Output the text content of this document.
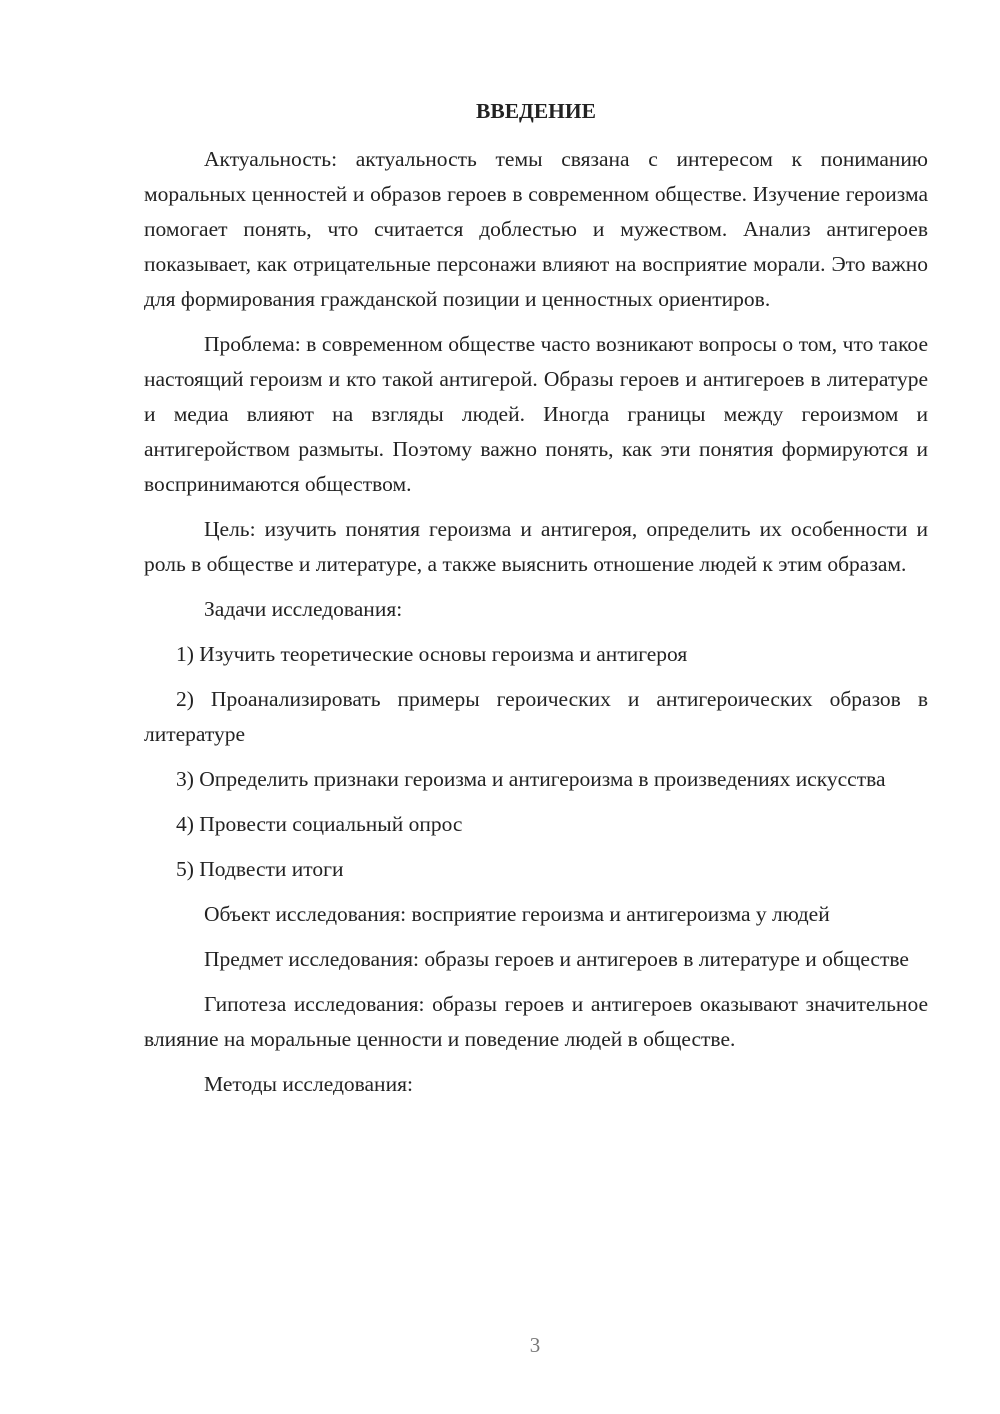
ВВЕДЕНИЕ

Актуальность: актуальность темы связана с интересом к пониманию моральных ценностей и образов героев в современном обществе. Изучение героизма помогает понять, что считается доблестью и мужеством. Анализ антигероев показывает, как отрицательные персонажи влияют на восприятие морали. Это важно для формирования гражданской позиции и ценностных ориентиров.

Проблема: в современном обществе часто возникают вопросы о том, что такое настоящий героизм и кто такой антигерой. Образы героев и антигероев в литературе и медиа влияют на взгляды людей. Иногда границы между героизмом и антигеройством размыты. Поэтому важно понять, как эти понятия формируются и воспринимаются обществом.

Цель: изучить понятия героизма и антигероя, определить их особенности и роль в обществе и литературе, а также выяснить отношение людей к этим образам.

Задачи исследования:

1) Изучить теоретические основы героизма и антигероя

2) Проанализировать примеры героических и антигероических образов в литературе

3) Определить признаки героизма и антигероизма в произведениях искусства

4) Провести социальный опрос

5) Подвести итоги

Объект исследования: восприятие героизма и антигероизма у людей

Предмет исследования: образы героев и антигероев в литературе и обществе

Гипотеза исследования: образы героев и антигероев оказывают значительное влияние на моральные ценности и поведение людей в обществе.

Методы исследования:

3
